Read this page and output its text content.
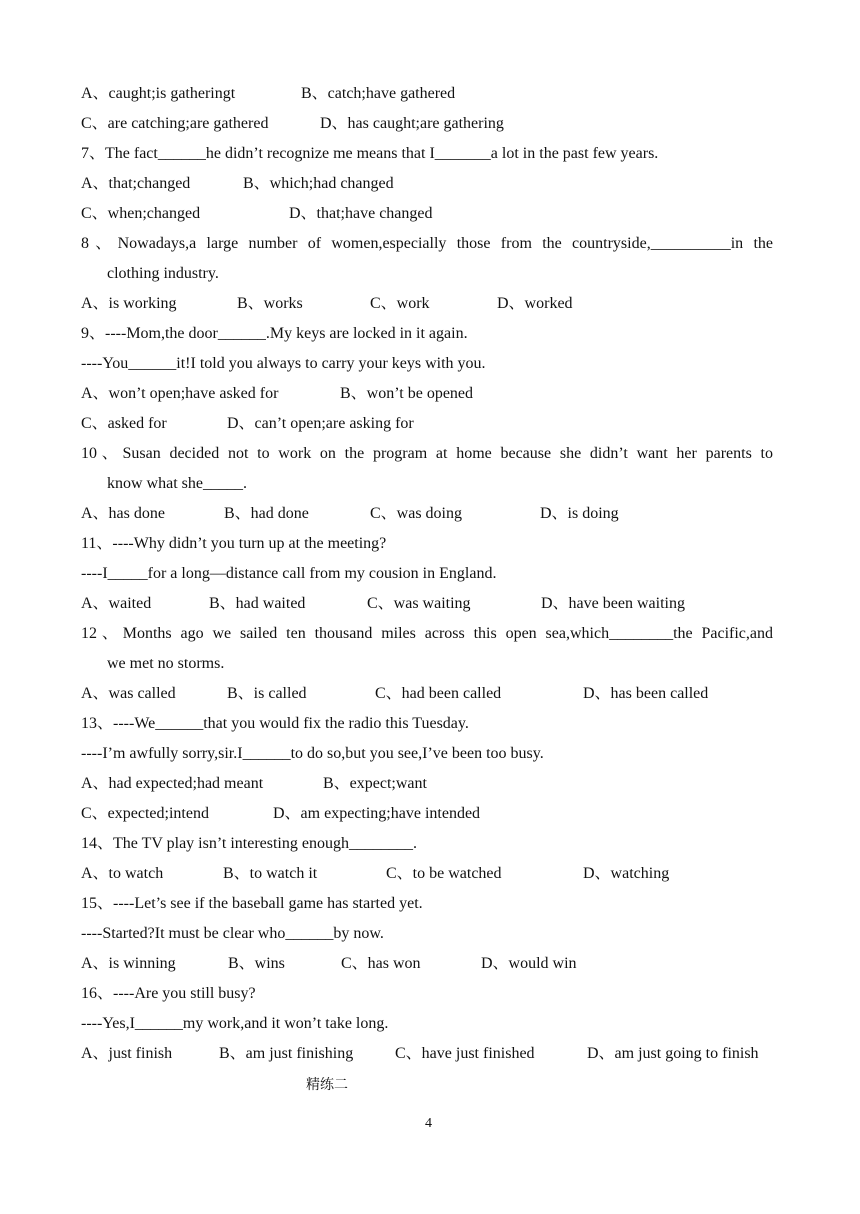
A、caught;is gatheringt	B、catch;have gathered
C、are catching;are gathered	D、has caught;are gathering
7、The fact______he didn’t recognize me means that I_______a lot in the past few years.
A、that;changed	B、which;had changed
C、when;changed	D、that;have changed
8、Nowadays,a large number of women,especially those from the countryside,__________in the
clothing industry.
A、is working	B、works	C、work	D、worked
9、----Mom,the door______.My keys are locked in it again.
----You______it!I told you always to carry your keys with you.
A、won’t open;have asked for	B、won’t be opened
C、asked for	D、can’t open;are asking for
10、Susan decided not to work on the program at home because she didn’t want her parents to
know what she_____.
A、has done	B、had done	C、was doing	D、is doing
11、----Why didn’t you turn up at the meeting?
----I_____for a long—distance call from my cousion in England.
A、waited	B、had waited	C、was waiting	D、have been waiting
12、Months ago we sailed ten thousand miles across this open sea,which________the Pacific,and
we met no storms.
A、was called	B、is called	C、had been called	D、has been called
13、----We______that you would fix the radio this Tuesday.
----I’m awfully sorry,sir.I______to do so,but you see,I’ve been too busy.
A、had expected;had meant	B、expect;want
C、expected;intend	D、am expecting;have intended
14、The TV play isn’t interesting enough________.
A、to watch	B、to watch it	C、to be watched	D、watching
15、----Let’s see if the baseball game has started yet.
----Started?It must be clear who______by now.
A、is winning	B、wins	C、has won	D、would win
16、----Are you still busy?
----Yes,I______my work,and it won’t take long.
A、just finish	B、am just finishing	C、have just finished	D、am just going to finish
精练二
4
